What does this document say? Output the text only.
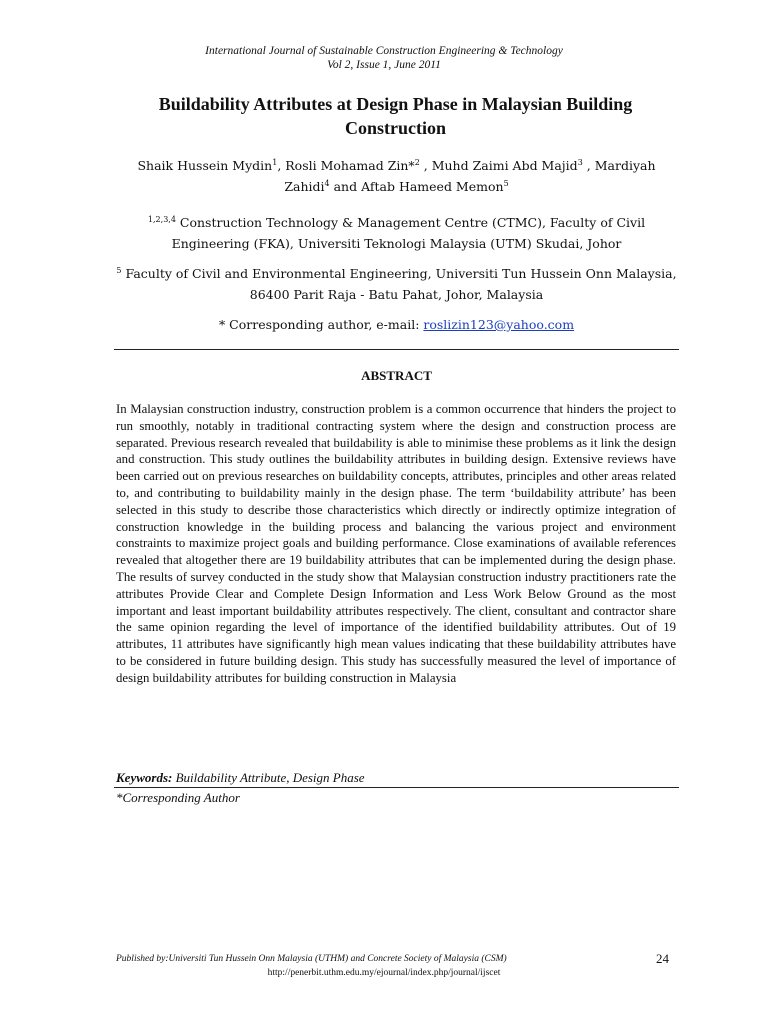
International Journal of Sustainable Construction Engineering & Technology
Vol 2, Issue 1, June 2011
Buildability Attributes at Design Phase in Malaysian Building Construction
Shaik Hussein Mydin$^1$, Rosli Mohamad Zin*$^2$ , Muhd Zaimi Abd Majid$^3$ , Mardiyah
Zahidi$^4$ and Aftab Hameed Memon$^5$
$^{1,2,3,4}$ Construction Technology & Management Centre (CTMC), Faculty of Civil
Engineering (FKA), Universiti Teknologi Malaysia (UTM) Skudai, Johor
$^5$ Faculty of Civil and Environmental Engineering, Universiti Tun Hussein Onn Malaysia,
86400 Parit Raja - Batu Pahat, Johor, Malaysia
* Corresponding author, e-mail: roslizin123@yahoo.com
ABSTRACT
In Malaysian construction industry, construction problem is a common occurrence that hinders the project to run smoothly, notably in traditional contracting system where the design and construction process are separated. Previous research revealed that buildability is able to minimise these problems as it link the design and construction. This study outlines the buildability attributes in building design. Extensive reviews have been carried out on previous researches on buildability concepts, attributes, principles and other areas related to, and contributing to buildability mainly in the design phase. The term ‘buildability attribute’ has been selected in this study to describe those characteristics which directly or indirectly optimize integration of construction knowledge in the building process and balancing the various project and environment constraints to maximize project goals and building performance. Close examinations of available references revealed that altogether there are 19 buildability attributes that can be implemented during the design phase. The results of survey conducted in the study show that Malaysian construction industry practitioners rate the attributes Provide Clear and Complete Design Information and Less Work Below Ground as the most important and least important buildability attributes respectively. The client, consultant and contractor share the same opinion regarding the level of importance of the identified buildability attributes. Out of 19 attributes, 11 attributes have significantly high mean values indicating that these buildability attributes have to be considered in future building design. This study has successfully measured the level of importance of design buildability attributes for building construction in Malaysia
Keywords: Buildability Attribute, Design Phase
*Corresponding Author
Published by:Universiti Tun Hussein Onn Malaysia (UTHM) and Concrete Society of Malaysia (CSM)	24
http://penerbit.uthm.edu.my/ejournal/index.php/journal/ijscet
